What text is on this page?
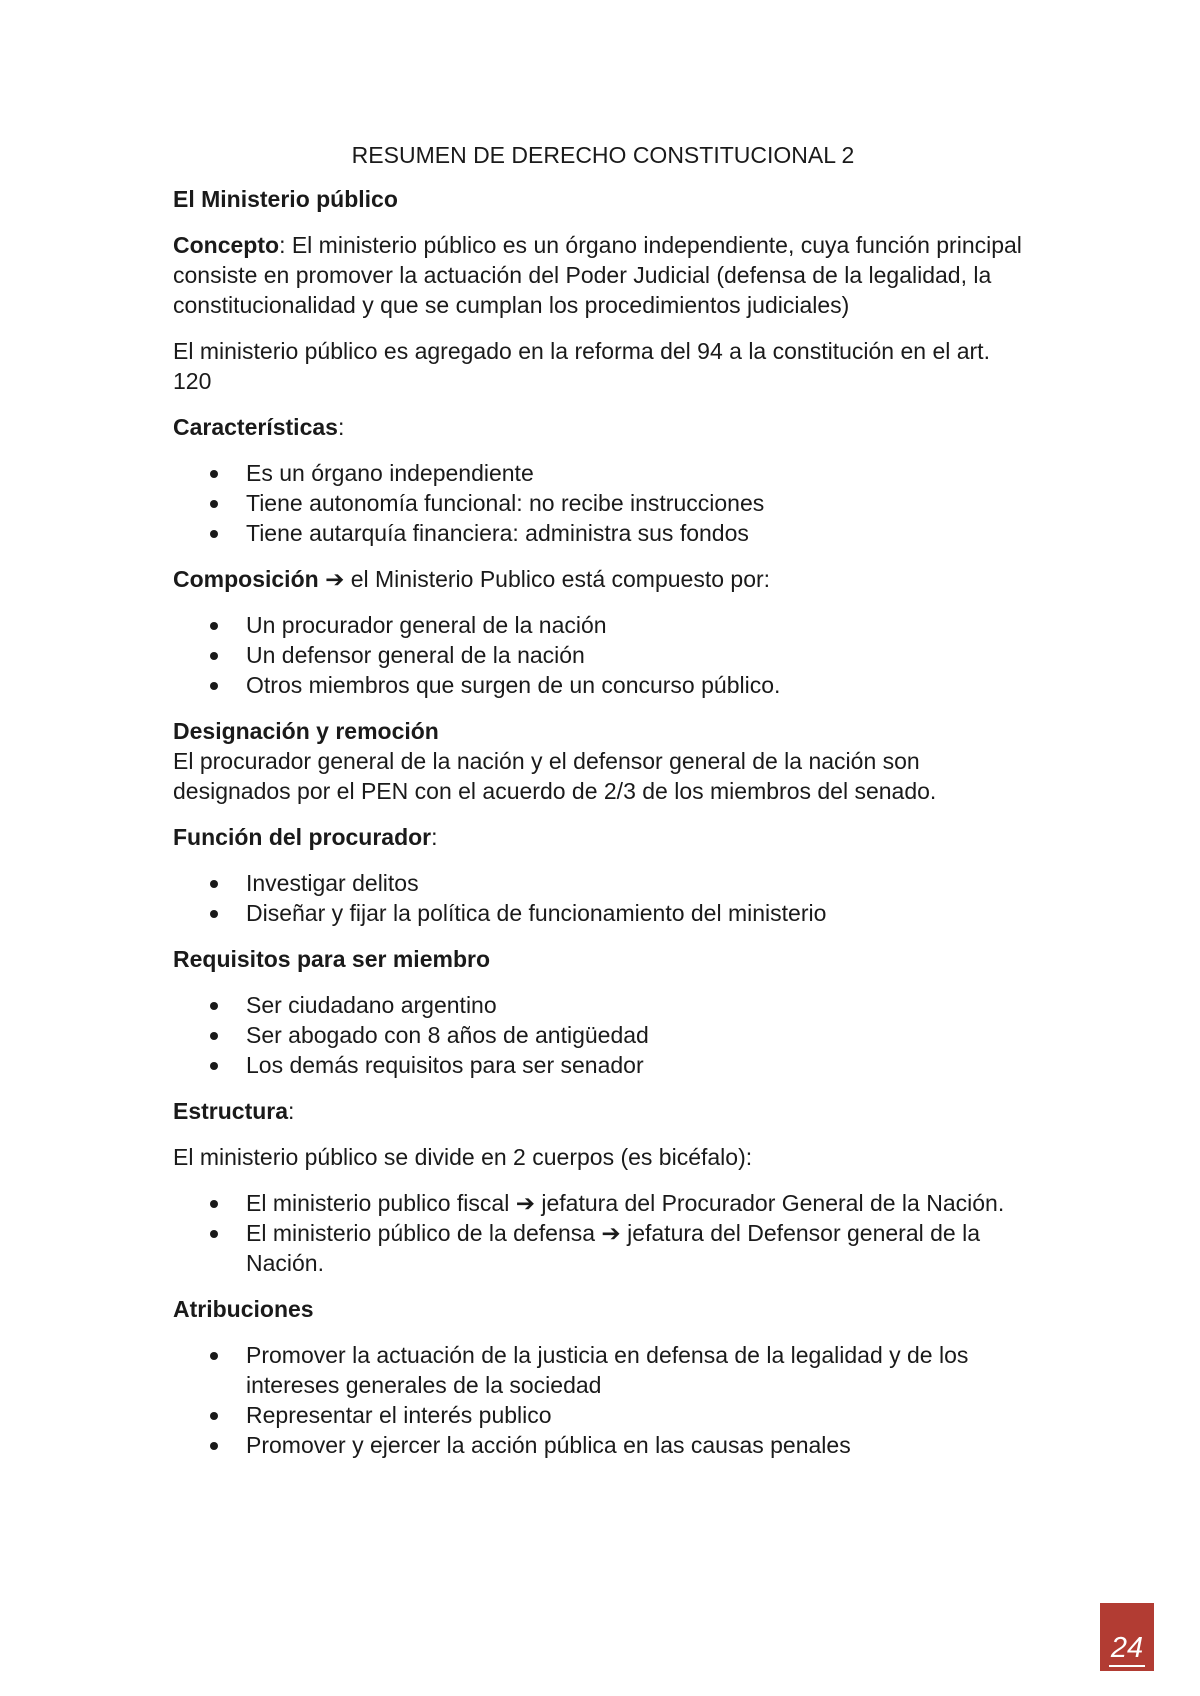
RESUMEN DE DERECHO CONSTITUCIONAL 2
El Ministerio público

Concepto: El ministerio público es un órgano independiente, cuya función principal consiste en promover la actuación del Poder Judicial (defensa de la legalidad, la constitucionalidad y que se cumplan los procedimientos judiciales)

El ministerio público es agregado en la reforma del 94 a la constitución en el art. 120

Características:

Es un órgano independiente
Tiene autonomía funcional: no recibe instrucciones
Tiene autarquía financiera: administra sus fondos

Composición ➔ el Ministerio Publico está compuesto por:

Un procurador general de la nación
Un defensor general de la nación
Otros miembros que surgen de un concurso público.
Designación y remoción

El procurador general de la nación y el defensor general de la nación son designados por el PEN con el acuerdo de 2/3 de los miembros del senado.

Función del procurador:

Investigar delitos
Diseñar y fijar la política de funcionamiento del ministerio
Requisitos para ser miembro
Ser ciudadano argentino
Ser abogado con 8 años de antigüedad
Los demás requisitos para ser senador

Estructura:

El ministerio público se divide en 2 cuerpos (es bicéfalo):

El ministerio publico fiscal ➔ jefatura del Procurador General de la Nación.
El ministerio público de la defensa ➔ jefatura del Defensor general de la Nación.
Atribuciones
Promover la actuación de la justicia en defensa de la legalidad y de los intereses generales de la sociedad
Representar el interés publico
Promover y ejercer la acción pública en las causas penales
24
